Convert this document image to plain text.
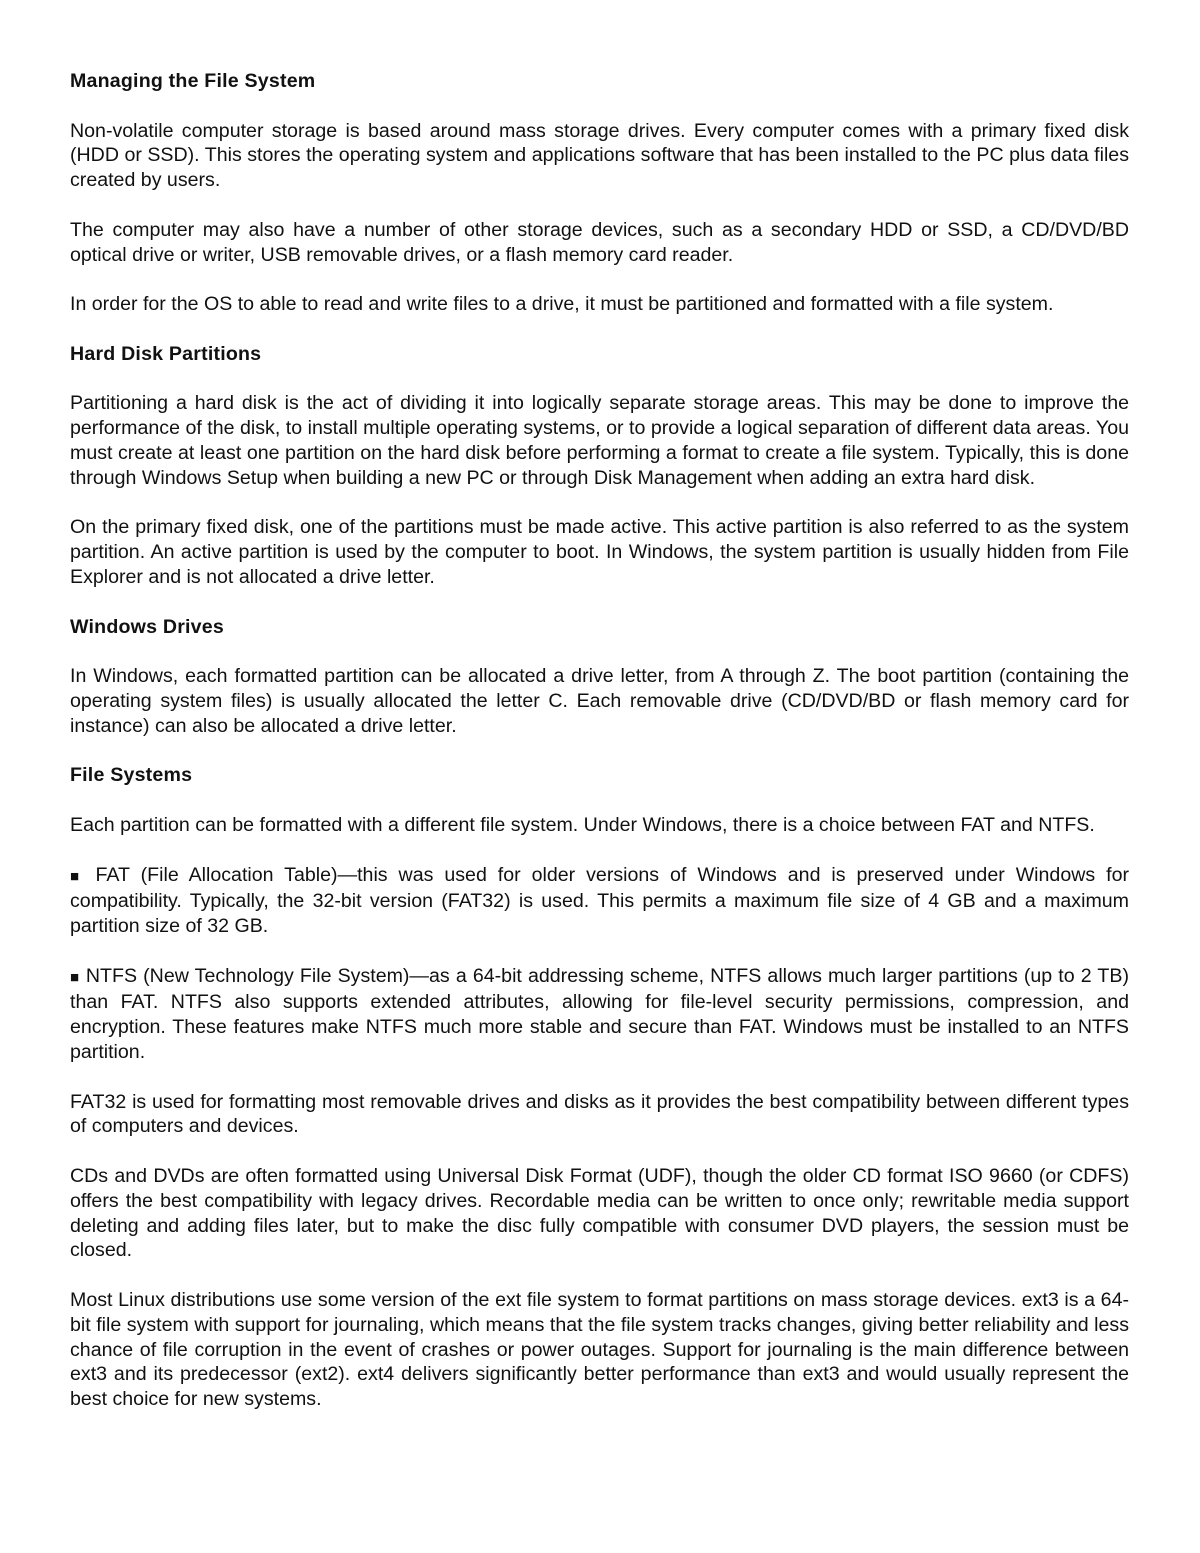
Managing the File System

Non-volatile computer storage is based around mass storage drives. Every computer comes with a primary fixed disk (HDD or SSD). This stores the operating system and applications software that has been installed to the PC plus data files created by users.

The computer may also have a number of other storage devices, such as a secondary HDD or SSD, a CD/DVD/BD optical drive or writer, USB removable drives, or a flash memory card reader.

In order for the OS to able to read and write files to a drive, it must be partitioned and formatted with a file system.

Hard Disk Partitions

Partitioning a hard disk is the act of dividing it into logically separate storage areas. This may be done to improve the performance of the disk, to install multiple operating systems, or to provide a logical separation of different data areas. You must create at least one partition on the hard disk before performing a format to create a file system. Typically, this is done through Windows Setup when building a new PC or through Disk Management when adding an extra hard disk.

On the primary fixed disk, one of the partitions must be made active. This active partition is also referred to as the system partition. An active partition is used by the computer to boot. In Windows, the system partition is usually hidden from File Explorer and is not allocated a drive letter.

Windows Drives

In Windows, each formatted partition can be allocated a drive letter, from A through Z. The boot partition (containing the operating system files) is usually allocated the letter C. Each removable drive (CD/DVD/BD or flash memory card for instance) can also be allocated a drive letter.

File Systems

Each partition can be formatted with a different file system. Under Windows, there is a choice between FAT and NTFS.

■ FAT (File Allocation Table)—this was used for older versions of Windows and is preserved under Windows for compatibility. Typically, the 32-bit version (FAT32) is used. This permits a maximum file size of 4 GB and a maximum partition size of 32 GB.

■ NTFS (New Technology File System)—as a 64-bit addressing scheme, NTFS allows much larger partitions (up to 2 TB) than FAT. NTFS also supports extended attributes, allowing for file-level security permissions, compression, and encryption. These features make NTFS much more stable and secure than FAT. Windows must be installed to an NTFS partition.

FAT32 is used for formatting most removable drives and disks as it provides the best compatibility between different types of computers and devices.

CDs and DVDs are often formatted using Universal Disk Format (UDF), though the older CD format ISO 9660 (or CDFS) offers the best compatibility with legacy drives. Recordable media can be written to once only; rewritable media support deleting and adding files later, but to make the disc fully compatible with consumer DVD players, the session must be closed.

Most Linux distributions use some version of the ext file system to format partitions on mass storage devices. ext3 is a 64-bit file system with support for journaling, which means that the file system tracks changes, giving better reliability and less chance of file corruption in the event of crashes or power outages. Support for journaling is the main difference between ext3 and its predecessor (ext2). ext4 delivers significantly better performance than ext3 and would usually represent the best choice for new systems.
